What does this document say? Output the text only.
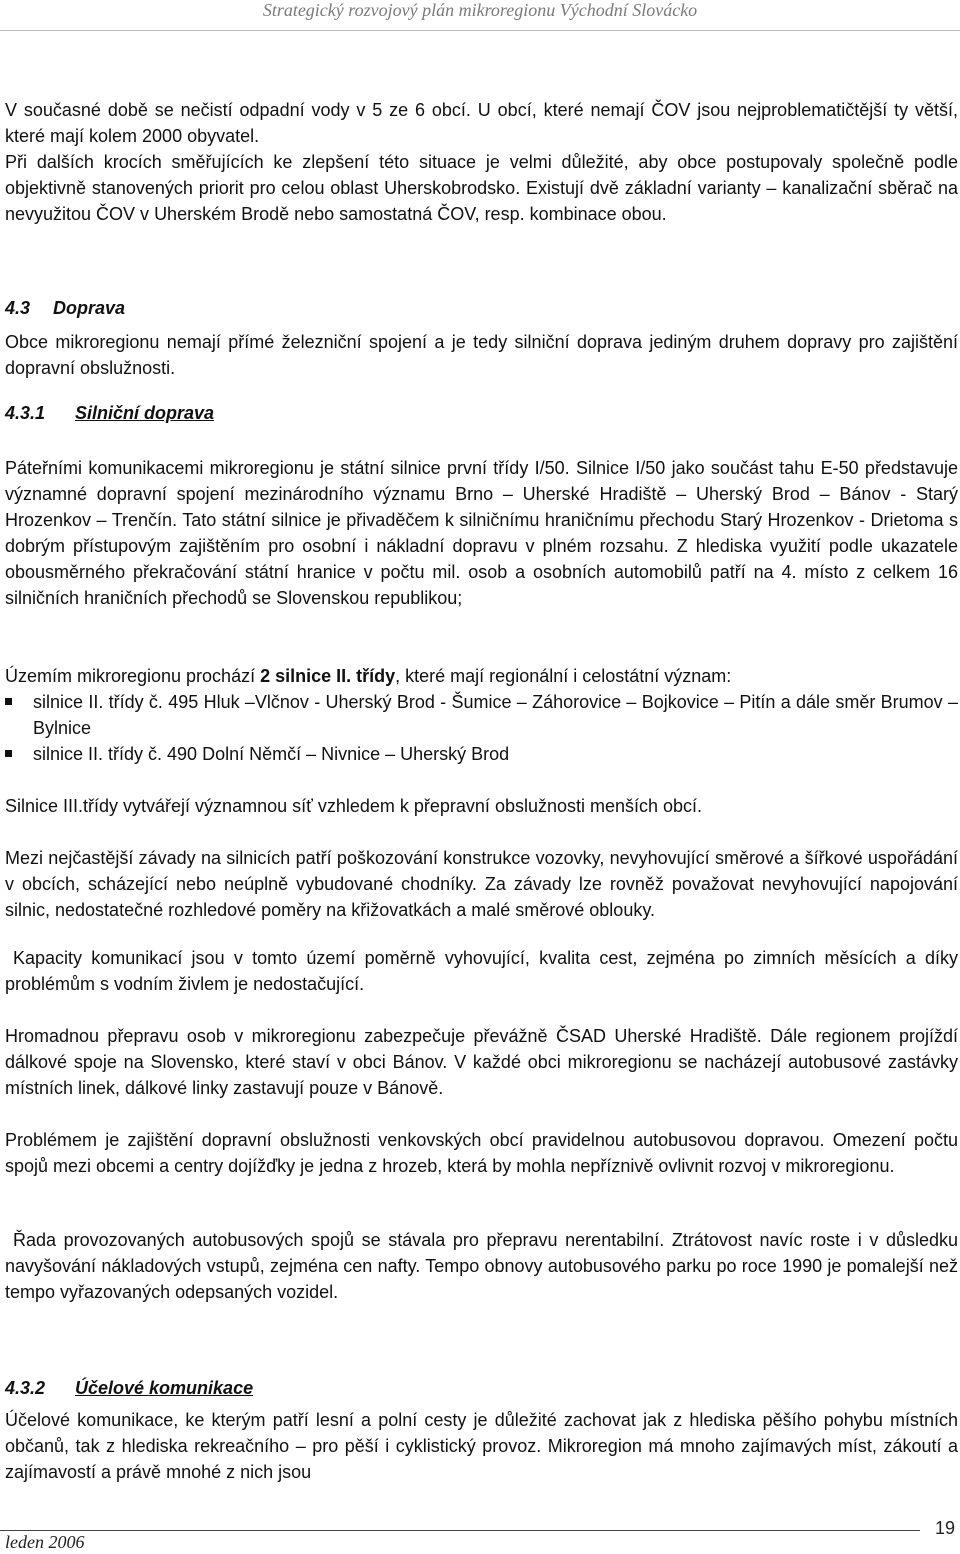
Strategický rozvojový plán mikroregionu Východní Slovácko

V současné době se nečistí odpadní vody v 5 ze 6 obcí. U obcí, které nemají ČOV jsou nejproblematičtější ty větší, které mají kolem 2000 obyvatel.

Při dalších krocích směřujících ke zlepšení této situace je velmi důležité, aby obce postupovaly společně podle objektivně stanovených priorit pro celou oblast Uherskobrodsko. Existují dvě základní varianty – kanalizační sběrač na nevyužitou ČOV v Uherském Brodě nebo samostatná ČOV, resp. kombinace obou.

4.3 Doprava

Obce mikroregionu nemají přímé železniční spojení a je tedy silniční doprava jediným druhem dopravy pro zajištění dopravní obslužnosti.

4.3.1 Silniční doprava

Páteřními komunikacemi mikroregionu je státní silnice první třídy I/50. Silnice I/50 jako součást tahu E-50 představuje významné dopravní spojení mezinárodního významu Brno – Uherské Hradiště – Uherský Brod – Bánov - Starý Hrozenkov – Trenčín. Tato státní silnice je přivaděčem k silničnímu hraničnímu přechodu Starý Hrozenkov - Drietoma s dobrým přístupovým zajištěním pro osobní i nákladní dopravu v plném rozsahu. Z hlediska využití podle ukazatele obousměrného překračování státní hranice v počtu mil. osob a osobních automobilů patří na 4. místo z celkem 16 silničních hraničních přechodů se Slovenskou republikou;

Územím mikroregionu prochází 2 silnice II. třídy, které mají regionální i celostátní význam:

silnice II. třídy č. 495 Hluk –Vlčnov - Uherský Brod - Šumice – Záhorovice – Bojkovice – Pitín a dále směr Brumov – Bylnice
silnice II. třídy č. 490 Dolní Němčí – Nivnice – Uherský Brod

Silnice III.třídy vytvářejí významnou síť vzhledem k přepravní obslužnosti menších obcí.

Mezi nejčastější závady na silnicích patří poškozování konstrukce vozovky, nevyhovující směrové a šířkové uspořádání v obcích, scházející nebo neúplně vybudované chodníky. Za závady lze rovněž považovat nevyhovující napojování silnic, nedostatečné rozhledové poměry na křižovatkách a malé směrové oblouky.

Kapacity komunikací jsou v tomto území poměrně vyhovující, kvalita cest, zejména po zimních měsících a díky problémům s vodním živlem je nedostačující.

Hromadnou přepravu osob v mikroregionu zabezpečuje převážně ČSAD Uherské Hradiště. Dále regionem projíždí dálkové spoje na Slovensko, které staví v obci Bánov. V každé obci mikroregionu se nacházejí autobusové zastávky místních linek, dálkové linky zastavují pouze v Bánově.

Problémem je zajištění dopravní obslužnosti venkovských obcí pravidelnou autobusovou dopravou. Omezení počtu spojů mezi obcemi a centry dojížďky je jedna z hrozeb, která by mohla nepříznivě ovlivnit rozvoj v mikroregionu.

Řada provozovaných autobusových spojů se stávala pro přepravu nerentabilní. Ztrátovost navíc roste i v důsledku navyšování nákladových vstupů, zejména cen nafty. Tempo obnovy autobusového parku po roce 1990 je pomalejší než tempo vyřazovaných odepsaných vozidel.

4.3.2 Účelové komunikace

Účelové komunikace, ke kterým patří lesní a polní cesty je důležité zachovat jak z hlediska pěšího pohybu místních občanů, tak z hlediska rekreačního – pro pěší i cyklistický provoz. Mikroregion má mnoho zajímavých míst, zákoutí a zajímavostí a právě mnohé z nich jsou

leden 2006
19
